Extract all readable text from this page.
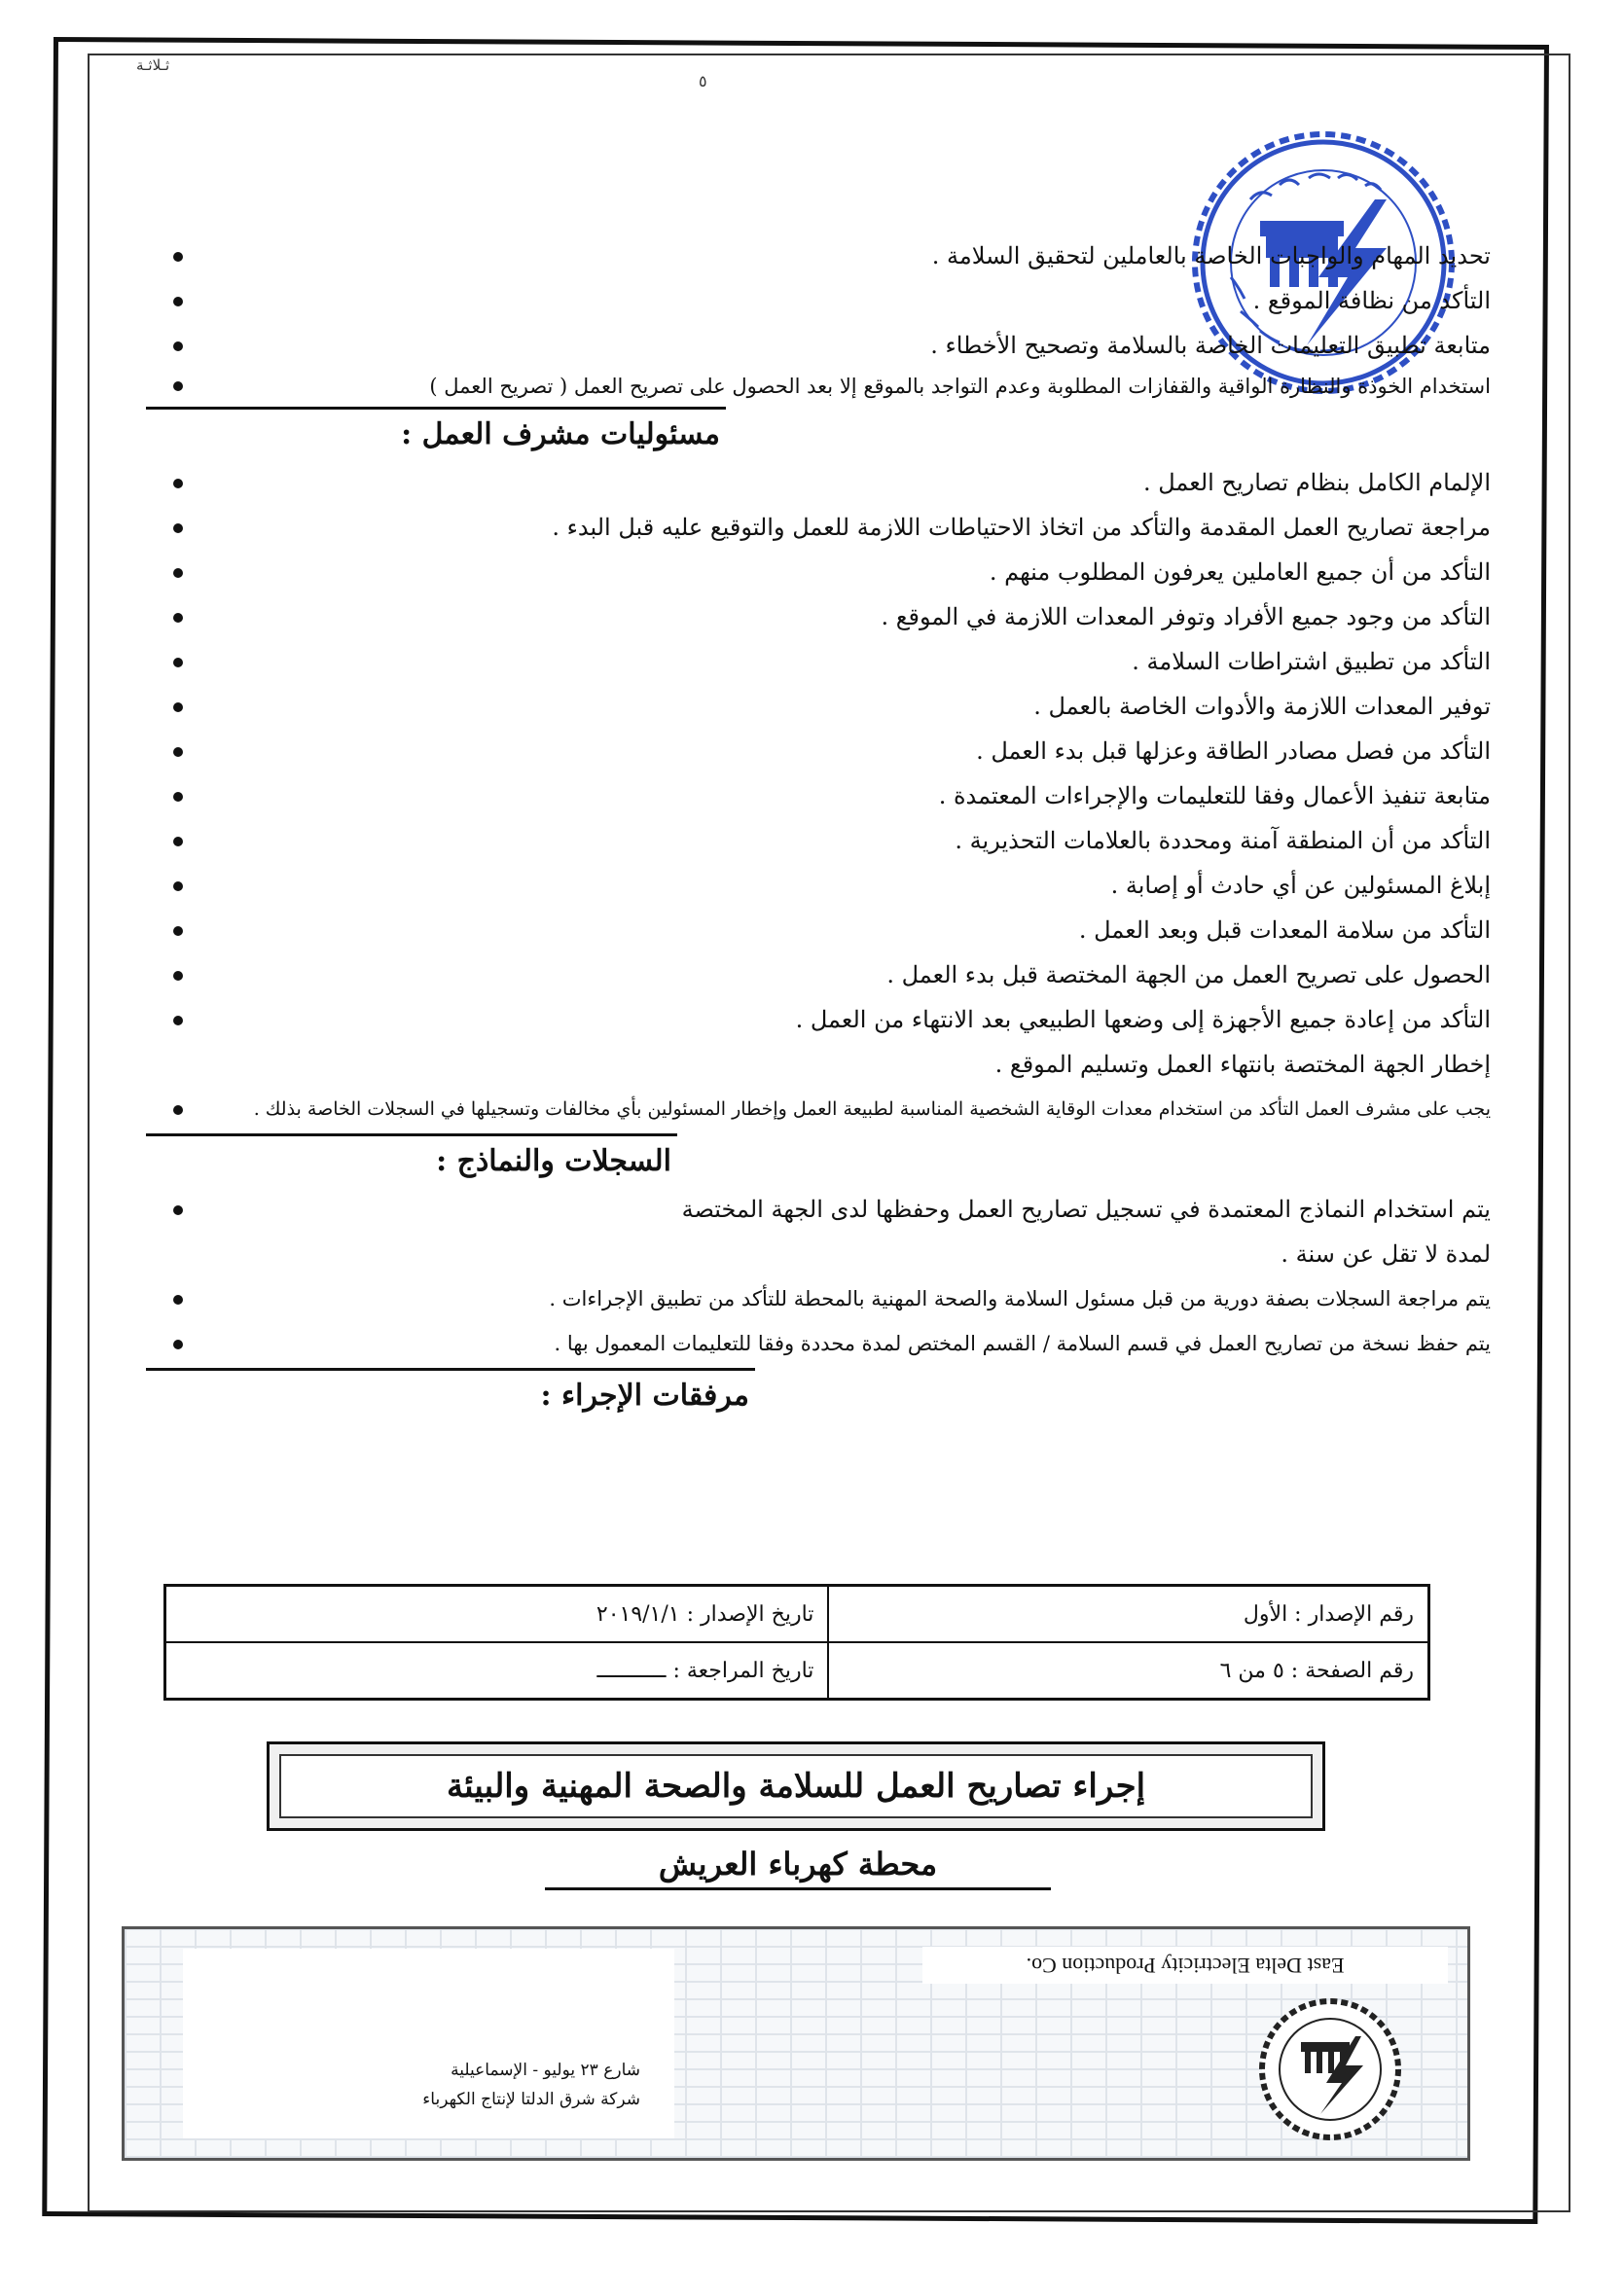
ثـلاثـة
٥
تحديد المهام والواجبات الخاصة بالعاملين لتحقيق السلامة .
التأكد من نظافة الموقع .
متابعة تطبيق التعليمات الخاصة بالسلامة وتصحيح الأخطاء .
استخدام الخوذة والنظارة الواقية والقفازات المطلوبة وعدم التواجد بالموقع إلا بعد الحصول على تصريح العمل ( تصريح العمل )
مسئوليات مشرف العمل :
الإلمام الكامل بنظام تصاريح العمل .
مراجعة تصاريح العمل المقدمة والتأكد من اتخاذ الاحتياطات اللازمة للعمل والتوقيع عليه قبل البدء .
التأكد من أن جميع العاملين يعرفون المطلوب منهم .
التأكد من وجود جميع الأفراد وتوفر المعدات اللازمة في الموقع .
التأكد من تطبيق اشتراطات السلامة .
توفير المعدات اللازمة والأدوات الخاصة بالعمل .
التأكد من فصل مصادر الطاقة وعزلها قبل بدء العمل .
متابعة تنفيذ الأعمال وفقا للتعليمات والإجراءات المعتمدة .
التأكد من أن المنطقة آمنة ومحددة بالعلامات التحذيرية .
إبلاغ المسئولين عن أي حادث أو إصابة .
التأكد من سلامة المعدات قبل وبعد العمل .
الحصول على تصريح العمل من الجهة المختصة قبل بدء العمل .
التأكد من إعادة جميع الأجهزة إلى وضعها الطبيعي بعد الانتهاء من العمل .
إخطار الجهة المختصة بانتهاء العمل وتسليم الموقع .
يجب على مشرف العمل التأكد من استخدام معدات الوقاية الشخصية المناسبة لطبيعة العمل وإخطار المسئولين بأي مخالفات وتسجيلها في السجلات الخاصة بذلك .
السجلات والنماذج :
يتم استخدام النماذج المعتمدة في تسجيل تصاريح العمل وحفظها لدى الجهة المختصة
لمدة لا تقل عن سنة .
يتم مراجعة السجلات بصفة دورية من قبل مسئول السلامة والصحة المهنية بالمحطة للتأكد من تطبيق الإجراءات .
يتم حفظ نسخة من تصاريح العمل في قسم السلامة / القسم المختص لمدة محددة وفقا للتعليمات المعمول بها .
مرفقات الإجراء :
رقم الإصدار : الأول	تاريخ الإصدار : ٢٠١٩/١/١
رقم الصفحة : ٥ من ٦	تاريخ المراجعة : ـــــــــــ
إجراء تصاريح العمل للسلامة والصحة المهنية والبيئة
محطة كهرباء العريش
East Delta Electricity Production Co.
شارع ٢٣ يوليو - الإسماعيلية
شركة شرق الدلتا لإنتاج الكهرباء
